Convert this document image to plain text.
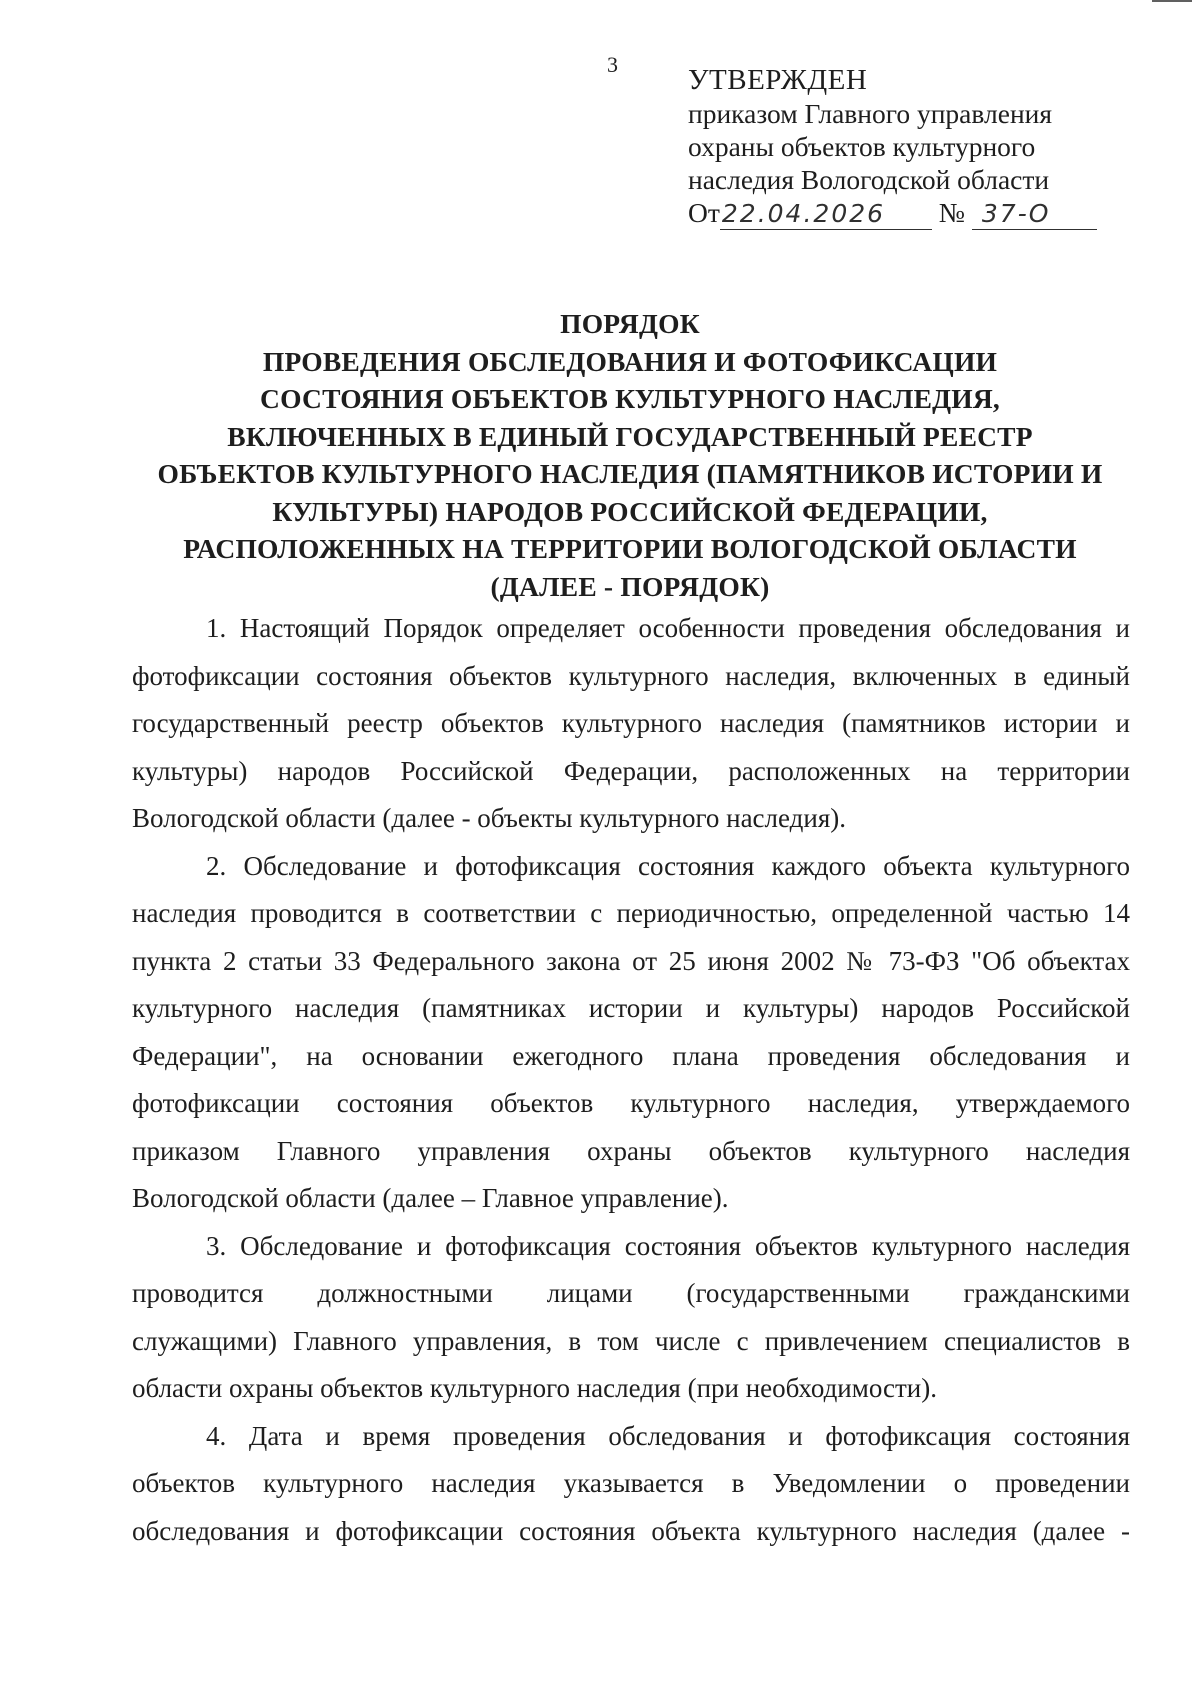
3 УТВЕРЖДЕН
приказом Главного управления
охраны объектов культурного
наследия Вологодской области
От22.04.2026 № 37-О
ПОРЯДОК
ПРОВЕДЕНИЯ ОБСЛЕДОВАНИЯ И ФОТОФИКСАЦИИ
СОСТОЯНИЯ ОБЪЕКТОВ КУЛЬТУРНОГО НАСЛЕДИЯ,
ВКЛЮЧЕННЫХ В ЕДИНЫЙ ГОСУДАРСТВЕННЫЙ РЕЕСТР
ОБЪЕКТОВ КУЛЬТУРНОГО НАСЛЕДИЯ (ПАМЯТНИКОВ ИСТОРИИ И
КУЛЬТУРЫ) НАРОДОВ РОССИЙСКОЙ ФЕДЕРАЦИИ,
РАСПОЛОЖЕННЫХ НА ТЕРРИТОРИИ ВОЛОГОДСКОЙ ОБЛАСТИ
(ДАЛЕЕ - ПОРЯДОК)
1. Настоящий Порядок определяет особенности проведения обследования и
фотофиксации состояния объектов культурного наследия, включенных в единый
государственный реестр объектов культурного наследия (памятников истории и
культуры) народов Российской Федерации, расположенных на территории
Вологодской области (далее - объекты культурного наследия).
2. Обследование и фотофиксация состояния каждого объекта культурного
наследия проводится в соответствии с периодичностью, определенной частью 14
пункта 2 статьи 33 Федерального закона от 25 июня 2002 № 73-ФЗ "Об объектах
культурного наследия (памятниках истории и культуры) народов Российской
Федерации", на основании ежегодного плана проведения обследования и
фотофиксации состояния объектов культурного наследия, утверждаемого
приказом Главного управления охраны объектов культурного наследия
Вологодской области (далее – Главное управление).
3. Обследование и фотофиксация состояния объектов культурного наследия
проводится должностными лицами (государственными гражданскими
служащими) Главного управления, в том числе с привлечением специалистов в
области охраны объектов культурного наследия (при необходимости).
4. Дата и время проведения обследования и фотофиксация состояния
объектов культурного наследия указывается в Уведомлении о проведении
обследования и фотофиксации состояния объекта культурного наследия (далее -
